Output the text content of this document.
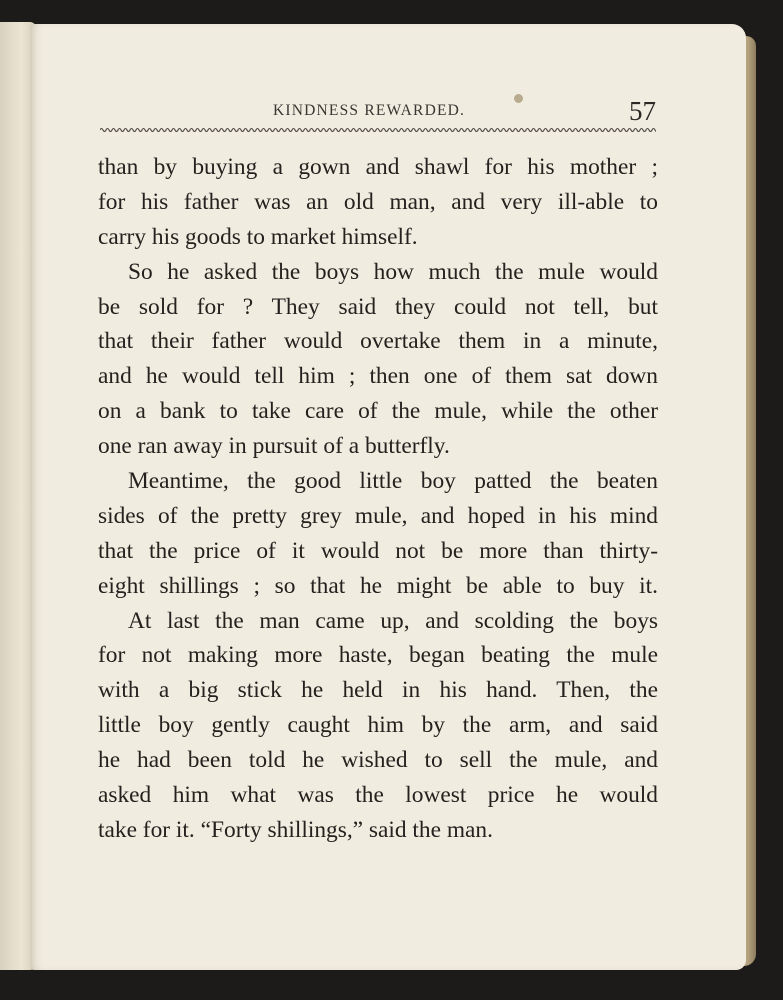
KINDNESS REWARDED.	57
than by buying a gown and shawl for his mother ;
for his father was an old man, and very ill-able to
carry his goods to market himself.
So he asked the boys how much the mule would
be sold for ? They said they could not tell, but
that their father would overtake them in a minute,
and he would tell him ; then one of them sat down
on a bank to take care of the mule, while the other
one ran away in pursuit of a butterfly.
Meantime, the good little boy patted the beaten
sides of the pretty grey mule, and hoped in his mind
that the price of it would not be more than thirty-
eight shillings ; so that he might be able to buy it.
At last the man came up, and scolding the boys
for not making more haste, began beating the mule
with a big stick he held in his hand. Then, the
little boy gently caught him by the arm, and said
he had been told he wished to sell the mule, and
asked him what was the lowest price he would
take for it. “Forty shillings,” said the man.
